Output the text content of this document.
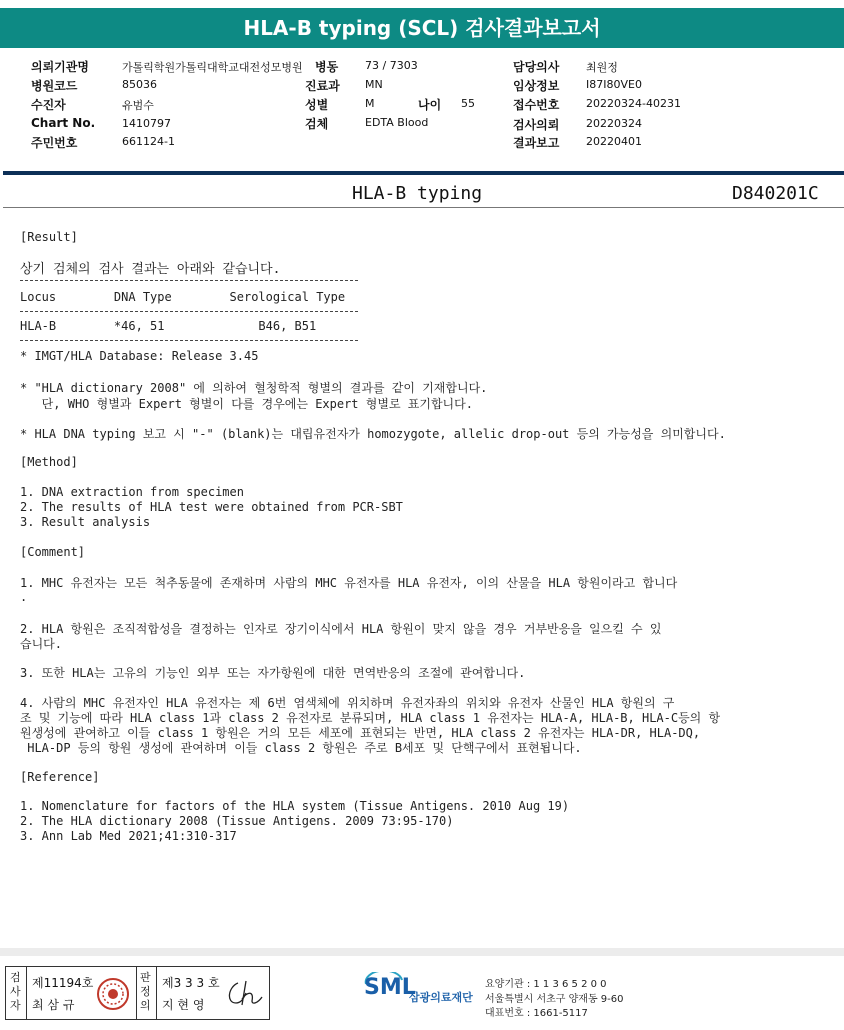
HLA-B typing (SCL) 검사결과보고서
의뢰기관명	가톨릭학원가톨릭대학교대전성모병원 병동 73 / 7303	담당의사 최원정
병원코드	85036	진료과 MN	임상정보 I87I80VE0
수진자	유범수	성별	M	나이 55	접수번호 20220324-40231
Chart No. 1410797	검체	EDTA Blood	검사의뢰 20220324
주민번호	661124-1	결과보고 20220401
HLA-B typing	D840201C
[Result]
상기 검체의 검사 결과는 아래와 같습니다.
Locus        DNA Type        Serological Type
HLA-B        *46, 51             B46, B51
* IMGT/HLA Database: Release 3.45
* "HLA dictionary 2008" 에 의하여 혈청학적 형별의 결과를 같이 기재합니다.
단, WHO 형별과 Expert 형별이 다를 경우에는 Expert 형별로 표기합니다.
* HLA DNA typing 보고 시 "-" (blank)는 대립유전자가 homozygote, allelic drop-out 등의 가능성을 의미합니다.
[Method]
1. DNA extraction from specimen
2. The results of HLA test were obtained from PCR-SBT
3. Result analysis
[Comment]
1. MHC 유전자는 모든 척추동물에 존재하며 사람의 MHC 유전자를 HLA 유전자, 이의 산물을 HLA 항원이라고 합니다
.
2. HLA 항원은 조직적합성을 결정하는 인자로 장기이식에서 HLA 항원이 맞지 않을 경우 거부반응을 일으킬 수 있
습니다.
3. 또한 HLA는 고유의 기능인 외부 또는 자가항원에 대한 면역반응의 조절에 관여합니다.
4. 사람의 MHC 유전자인 HLA 유전자는 제 6번 염색체에 위치하며 유전자좌의 위치와 유전자 산물인 HLA 항원의 구
조 및 기능에 따라 HLA class 1과 class 2 유전자로 분류되며, HLA class 1 유전자는 HLA-A, HLA-B, HLA-C등의 항
원생성에 관여하고 이들 class 1 항원은 거의 모든 세포에 표현되는 반면, HLA class 2 유전자는 HLA-DR, HLA-DQ,
HLA-DP 등의 항원 생성에 관여하며 이들 class 2 항원은 주로 B세포 및 단핵구에서 표현됩니다.
[Reference]
1. Nomenclature for factors of the HLA system (Tissue Antigens. 2010 Aug 19)
2. The HLA dictionary 2008 (Tissue Antigens. 2009 73:95-170)
3. Ann Lab Med 2021;41:310-317
검사자
제11194호
최 삼 규
판정의
제3 3 3 호
지 현 영
SML
삼광의료재단
요양기관 : 1 1 3 6 5 2 0 0
서울특별시 서초구 양재동 9-60
대표번호 : 1661-5117
